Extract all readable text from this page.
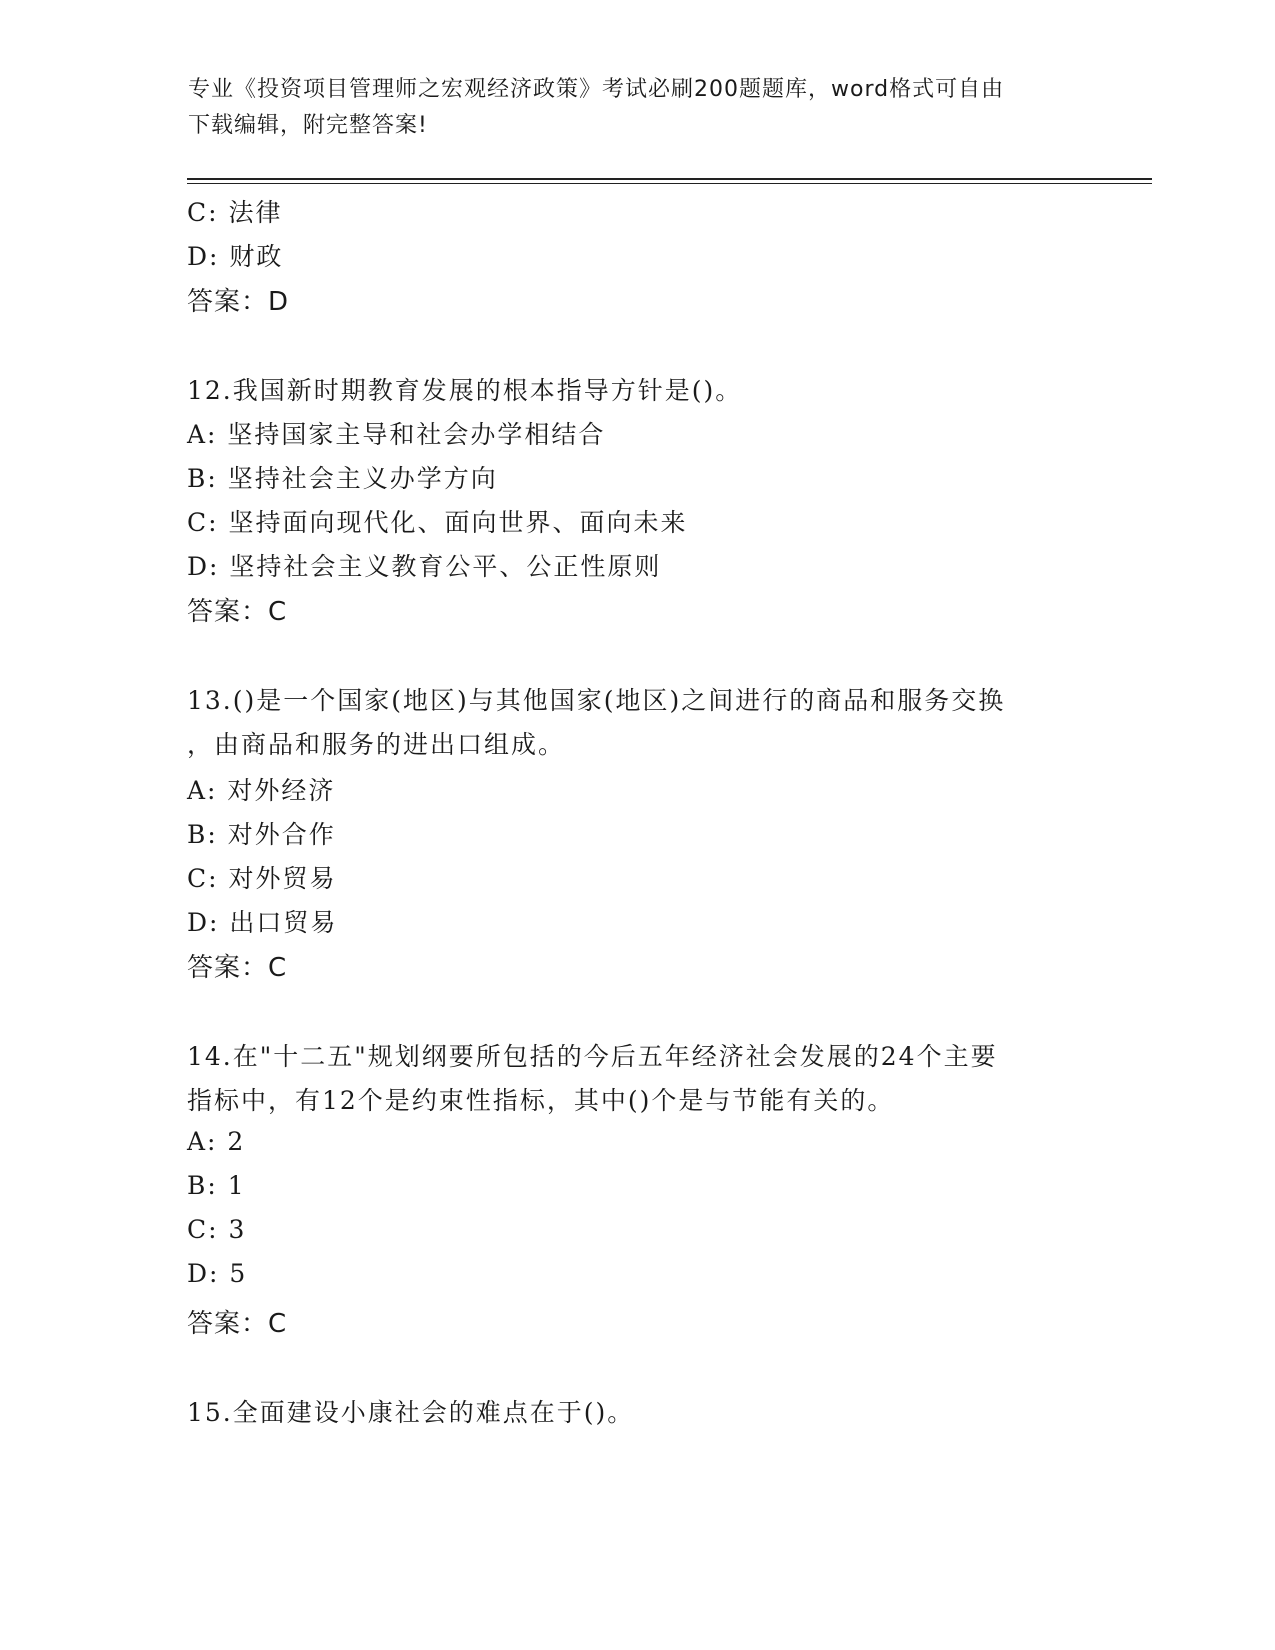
专业《投资项目管理师之宏观经济政策》考试必刷200题题库，word格式可自由
下载编辑，附完整答案!
C: 法律
D: 财政
答案：D
12.我国新时期教育发展的根本指导方针是()。
A: 坚持国家主导和社会办学相结合
B: 坚持社会主义办学方向
C: 坚持面向现代化、面向世界、面向未来
D: 坚持社会主义教育公平、公正性原则
答案：C
13.()是一个国家(地区)与其他国家(地区)之间进行的商品和服务交换
，由商品和服务的进出口组成。
A: 对外经济
B: 对外合作
C: 对外贸易
D: 出口贸易
答案：C
14.在"十二五"规划纲要所包括的今后五年经济社会发展的24个主要
指标中，有12个是约束性指标，其中()个是与节能有关的。
A: 2
B: 1
C: 3
D: 5
答案：C
15.全面建设小康社会的难点在于()。
